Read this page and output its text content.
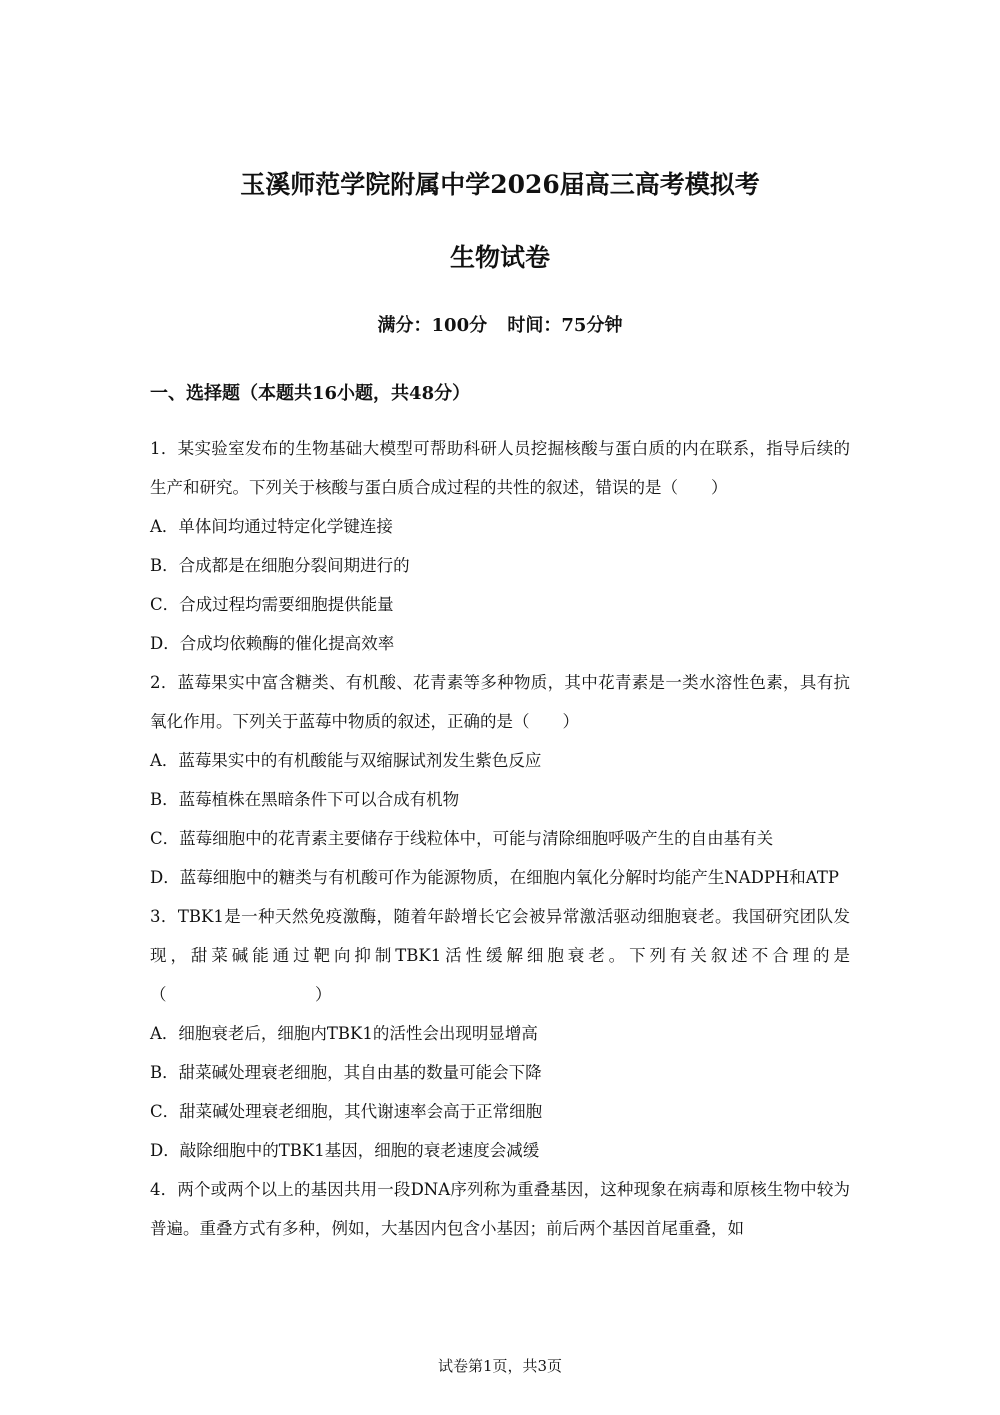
玉溪师范学院附属中学2026届高三高考模拟考
生物试卷
满分：100分 时间：75分钟
一、选择题（本题共16小题，共48分）

1 ． 某实验室发布的生物基础大模型可帮助科研人员挖掘核酸与蛋白质的内在联系，指导后续的生产和研究。下列关于核酸与蛋白质合成过程的共性的叙述，错误的是（　　）

A ． 单体间均通过特定化学键连接

B ． 合成都是在细胞分裂间期进行的

C ． 合成过程均需要细胞提供能量

D ． 合成均依赖酶的催化提高效率

2 ． 蓝莓果实中富含糖类、有机酸、花青素等多种物质，其中花青素是一类水溶性色素，具有抗氧化作用。下列关于蓝莓中物质的叙述，正确的是（　　）

A ． 蓝莓果实中的有机酸能与双缩脲试剂发生紫色反应

B ． 蓝莓植株在黑暗条件下可以合成有机物

C ． 蓝莓细胞中的花青素主要储存于线粒体中，可能与清除细胞呼吸产生的自由基有关

D ． 蓝莓细胞中的糖类与有机酸可作为能源物质，在细胞内氧化分解时均能产生NADPH和ATP

3 ． TBK1是一种天然免疫激酶，随着年龄增长它会被异常激活驱动细胞衰老。我国研究团队发现，甜菜碱能通过靶向抑制TBK1活性缓解细胞衰老。下列有关叙述不合理的是（　　　　　　　　　）

A ． 细胞衰老后，细胞内TBK1的活性会出现明显增高

B ． 甜菜碱处理衰老细胞，其自由基的数量可能会下降

C ． 甜菜碱处理衰老细胞，其代谢速率会高于正常细胞

D ． 敲除细胞中的TBK1基因，细胞的衰老速度会减缓

4 ． 两个或两个以上的基因共用一段DNA序列称为重叠基因，这种现象在病毒和原核生物中较为普遍。重叠方式有多种，例如，大基因内包含小基因；前后两个基因首尾重叠，如

试卷第1页，共3页
